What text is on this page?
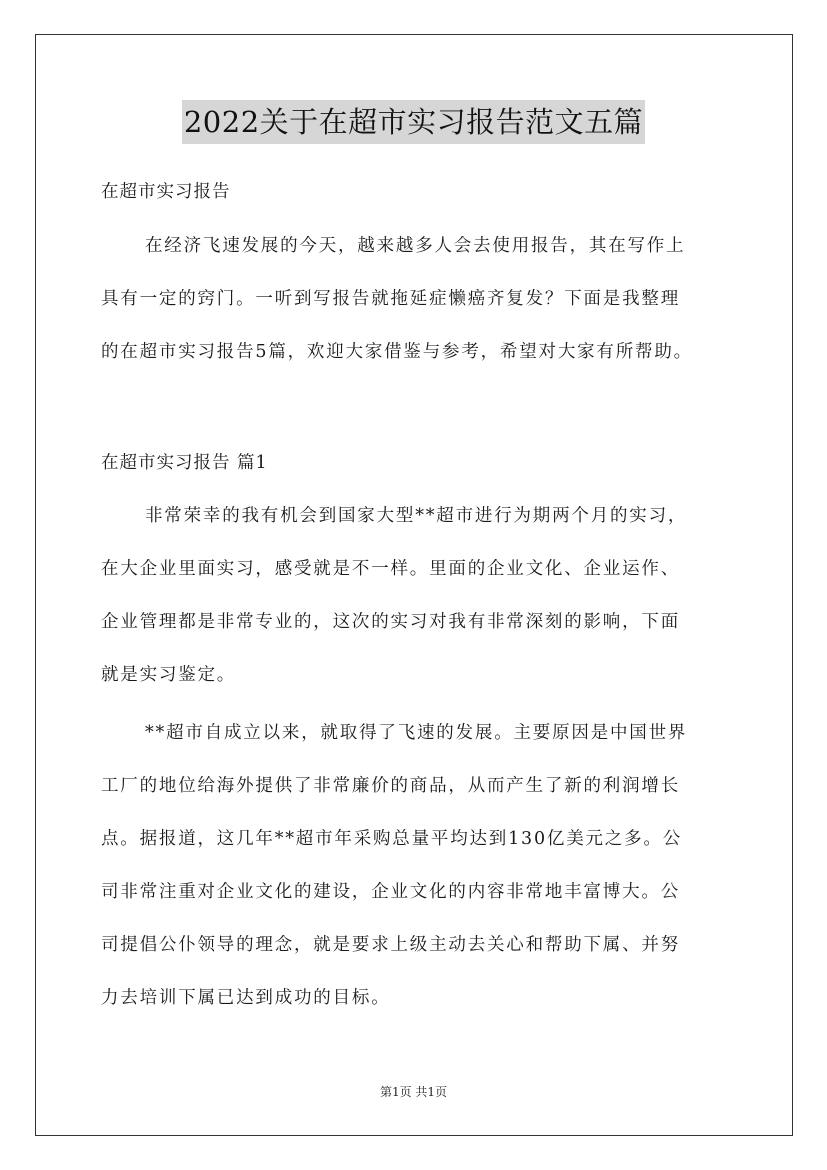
2022关于在超市实习报告范文五篇
在超市实习报告
在经济飞速发展的今天，越来越多人会去使用报告，其在写作上
具有一定的窍门。一听到写报告就拖延症懒癌齐复发？下面是我整理
的在超市实习报告5篇，欢迎大家借鉴与参考，希望对大家有所帮助。
在超市实习报告 篇1
非常荣幸的我有机会到国家大型**超市进行为期两个月的实习，
在大企业里面实习，感受就是不一样。里面的企业文化、企业运作、
企业管理都是非常专业的，这次的实习对我有非常深刻的影响，下面
就是实习鉴定。
**超市自成立以来，就取得了飞速的发展。主要原因是中国世界
工厂的地位给海外提供了非常廉价的商品，从而产生了新的利润增长
点。据报道，这几年**超市年采购总量平均达到130亿美元之多。公
司非常注重对企业文化的建设，企业文化的内容非常地丰富博大。公
司提倡公仆领导的理念，就是要求上级主动去关心和帮助下属、并努
力去培训下属已达到成功的目标。
第1页 共1页
